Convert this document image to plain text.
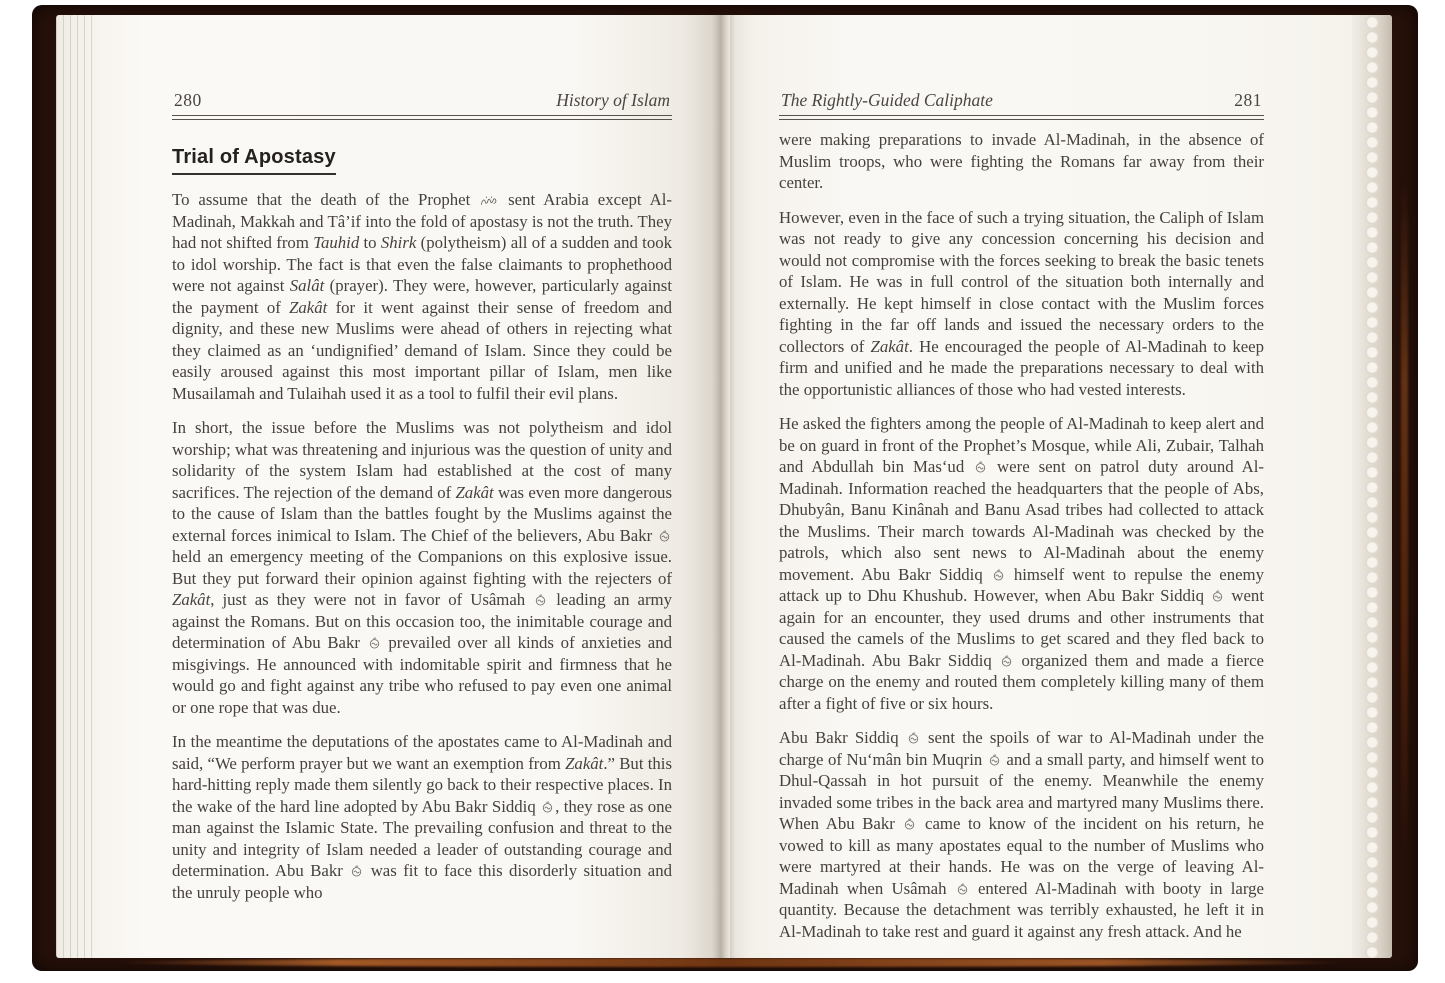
280	History of Islam
Trial of Apostasy

To assume that the death of the Prophet
sent Arabia except Al-Madinah, Makkah and Tâ’if into the fold of apostasy is not the truth. They had not shifted from Tauhid to Shirk (polytheism) all of a sudden and took to idol worship. The fact is that even the false claimants to prophethood were not against Salât (prayer). They were, however, particularly against the payment of Zakât for it went against their sense of freedom and dignity, and these new Muslims were ahead of others in rejecting what they claimed as an ‘undignified’ demand of Islam. Since they could be easily aroused against this most important pillar of Islam, men like Musailamah and Tulaihah used it as a tool to fulfil their evil plans.

In short, the issue before the Muslims was not polytheism and idol worship; what was threatening and injurious was the question of unity and solidarity of the system Islam had established at the cost of many sacrifices. The rejection of the demand of Zakât was even more dangerous to the cause of Islam than the battles fought by the Muslims against the external forces inimical to Islam. The Chief of the believers, Abu Bakr
held an emergency meeting of the Companions on this explosive issue. But they put forward their opinion against fighting with the rejecters of Zakât, just as they were not in favor of Usâmah
leading an army against the Romans. But on this occasion too, the inimitable courage and determination of Abu Bakr
prevailed over all kinds of anxieties and misgivings. He announced with indomitable spirit and firmness that he would go and fight against any tribe who refused to pay even one animal or one rope that was due.

In the meantime the deputations of the apostates came to Al-Madinah and said, “We perform prayer but we want an exemption from Zakât.” But this hard-hitting reply made them silently go back to their respective places. In the wake of the hard line adopted by Abu Bakr Siddiq
, they rose as one man against the Islamic State. The prevailing confusion and threat to the unity and integrity of Islam needed a leader of outstanding courage and determination. Abu Bakr
was fit to face this disorderly situation and the unruly people who

The Rightly-Guided Caliphate	281

were making preparations to invade Al-Madinah, in the absence of Muslim troops, who were fighting the Romans far away from their center.

However, even in the face of such a trying situation, the Caliph of Islam was not ready to give any concession concerning his decision and would not compromise with the forces seeking to break the basic tenets of Islam. He was in full control of the situation both internally and externally. He kept himself in close contact with the Muslim forces fighting in the far off lands and issued the necessary orders to the collectors of Zakât. He encouraged the people of Al-Madinah to keep firm and unified and he made the preparations necessary to deal with the opportunistic alliances of those who had vested interests.

He asked the fighters among the people of Al-Madinah to keep alert and be on guard in front of the Prophet’s Mosque, while Ali, Zubair, Talhah and Abdullah bin Mas‘ud
were sent on patrol duty around Al-Madinah. Information reached the headquarters that the people of Abs, Dhubyân, Banu Kinânah and Banu Asad tribes had collected to attack the Muslims. Their march towards Al-Madinah was checked by the patrols, which also sent news to Al-Madinah about the enemy movement. Abu Bakr Siddiq
himself went to repulse the enemy attack up to Dhu Khushub. However, when Abu Bakr Siddiq
went again for an encounter, they used drums and other instruments that caused the camels of the Muslims to get scared and they fled back to Al-Madinah. Abu Bakr Siddiq
organized them and made a fierce charge on the enemy and routed them completely killing many of them after a fight of five or six hours.

Abu Bakr Siddiq
sent the spoils of war to Al-Madinah under the charge of Nu‘mân bin Muqrin
and a small party, and himself went to Dhul-Qassah in hot pursuit of the enemy. Meanwhile the enemy invaded some tribes in the back area and martyred many Muslims there. When Abu Bakr
came to know of the incident on his return, he vowed to kill as many apostates equal to the number of Muslims who were martyred at their hands. He was on the verge of leaving Al-Madinah when Usâmah
entered Al-Madinah with booty in large quantity. Because the detachment was terribly exhausted, he left it in Al-Madinah to take rest and guard it against any fresh attack. And he
